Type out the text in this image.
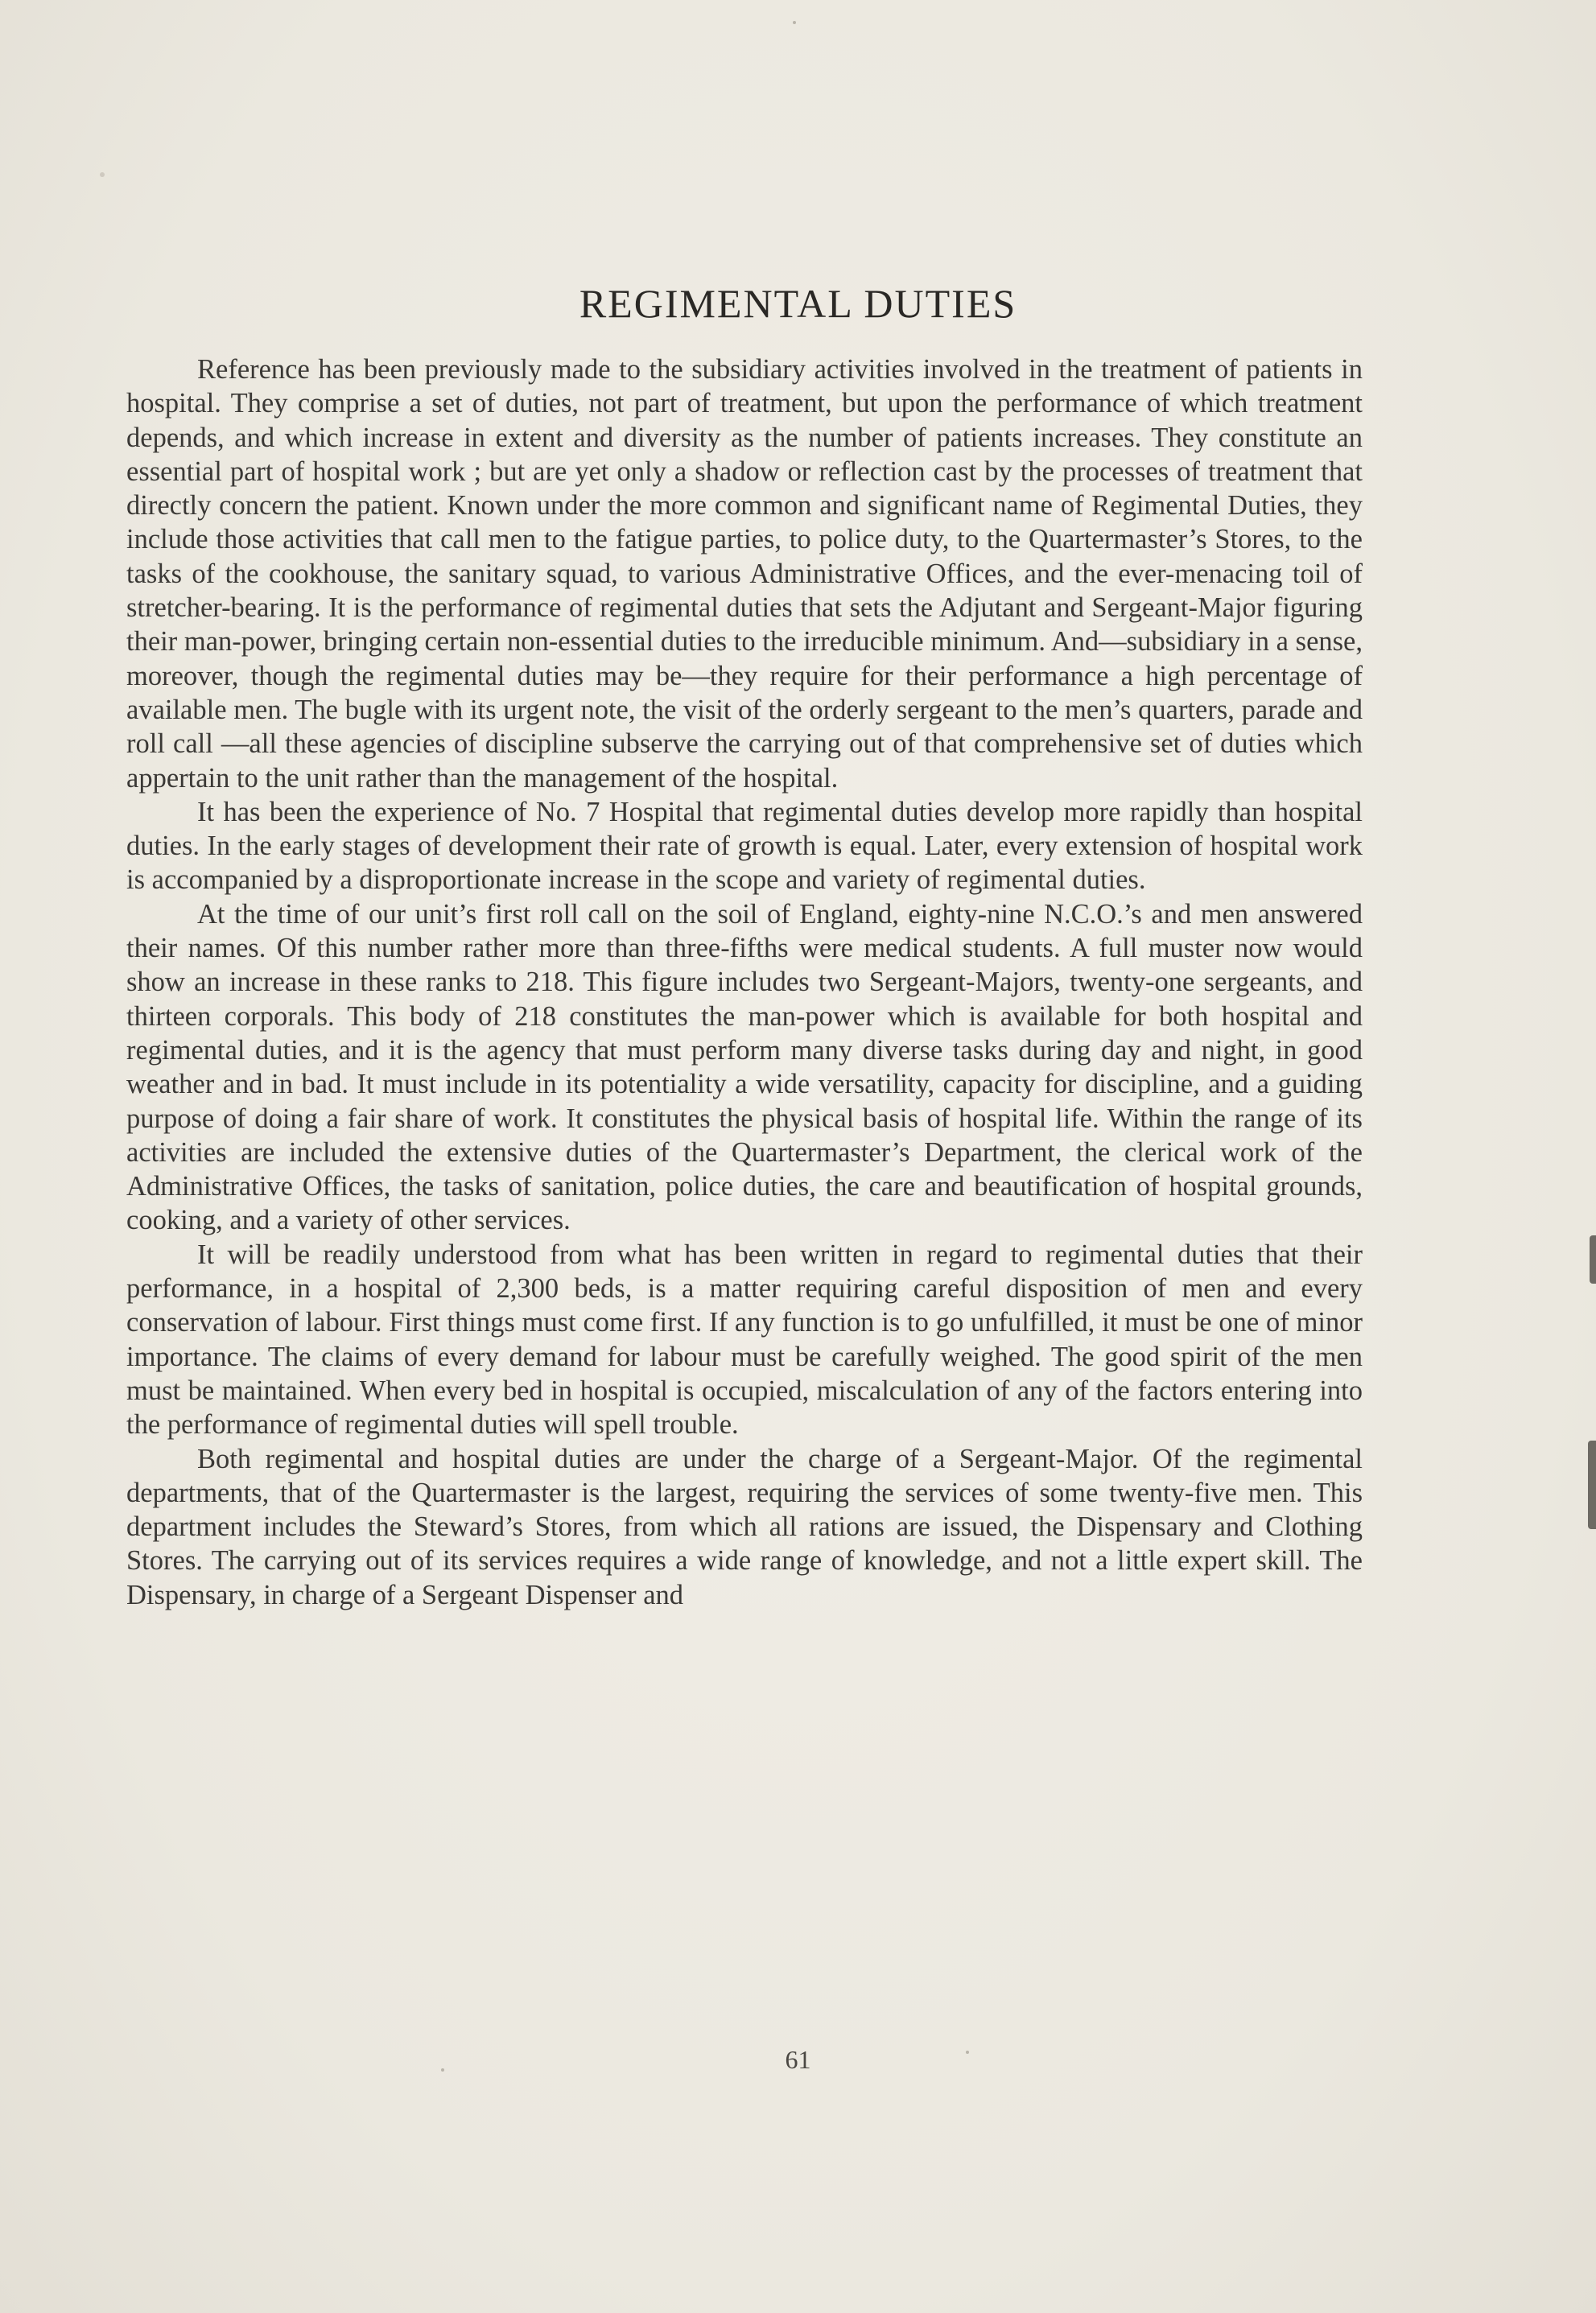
REGIMENTAL DUTIES

Reference has been previously made to the subsidiary activities involved in the treatment of patients in hospital. They comprise a set of duties, not part of treatment, but upon the performance of which treatment depends, and which increase in extent and diversity as the number of patients increases. They constitute an essential part of hospital work ; but are yet only a shadow or reflection cast by the processes of treatment that directly concern the patient. Known under the more common and significant name of Regimental Duties, they include those activities that call men to the fatigue parties, to police duty, to the Quartermaster’s Stores, to the tasks of the cookhouse, the sanitary squad, to various Administrative Offices, and the ever-menacing toil of stretcher-bearing. It is the performance of regimental duties that sets the Adjutant and Sergeant-Major figuring their man-power, bringing certain non-essential duties to the irreducible minimum. And—subsidiary in a sense, moreover, though the regimental duties may be—they require for their performance a high percentage of available men. The bugle with its urgent note, the visit of the orderly sergeant to the men’s quarters, parade and roll call —all these agencies of discipline subserve the carrying out of that comprehensive set of duties which appertain to the unit rather than the management of the hospital.

It has been the experience of No. 7 Hospital that regimental duties develop more rapidly than hospital duties. In the early stages of development their rate of growth is equal. Later, every extension of hospital work is accompanied by a disproportionate increase in the scope and variety of regimental duties.

At the time of our unit’s first roll call on the soil of England, eighty-nine N.C.O.’s and men answered their names. Of this number rather more than three-fifths were medical students. A full muster now would show an increase in these ranks to 218. This figure includes two Sergeant-Majors, twenty-one sergeants, and thirteen corporals. This body of 218 constitutes the man-power which is available for both hospital and regimental duties, and it is the agency that must perform many diverse tasks during day and night, in good weather and in bad. It must include in its potentiality a wide versatility, capacity for discipline, and a guiding purpose of doing a fair share of work. It constitutes the physical basis of hospital life. Within the range of its activities are included the extensive duties of the Quartermaster’s Department, the clerical work of the Administrative Offices, the tasks of sanitation, police duties, the care and beautification of hospital grounds, cooking, and a variety of other services.

It will be readily understood from what has been written in regard to regimental duties that their performance, in a hospital of 2,300 beds, is a matter requiring careful disposition of men and every conservation of labour. First things must come first. If any function is to go unfulfilled, it must be one of minor importance. The claims of every demand for labour must be carefully weighed. The good spirit of the men must be maintained. When every bed in hospital is occupied, miscalculation of any of the factors entering into the performance of regimental duties will spell trouble.

Both regimental and hospital duties are under the charge of a Sergeant-Major. Of the regimental departments, that of the Quartermaster is the largest, requiring the services of some twenty-five men. This department includes the Steward’s Stores, from which all rations are issued, the Dispensary and Clothing Stores. The carrying out of its services requires a wide range of knowledge, and not a little expert skill. The Dispensary, in charge of a Sergeant Dispenser and

61
